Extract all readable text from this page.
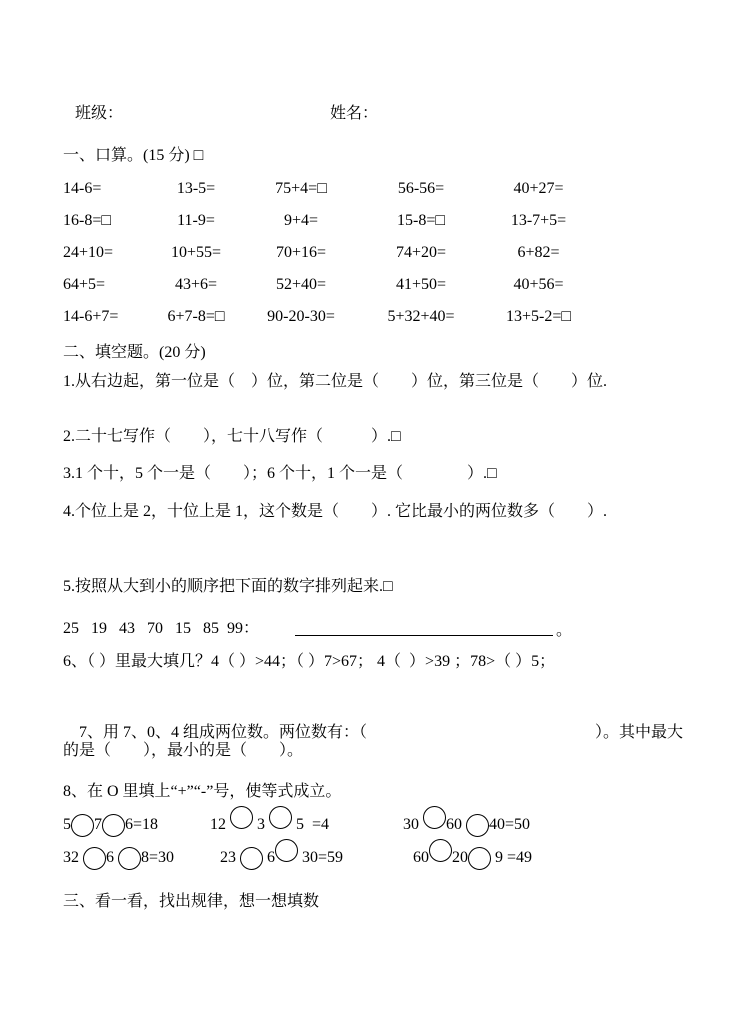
班级：	姓名：
一、口算。(15 分) □
14-6=	13-5=	75+4=□	56-56=	40+27=
16-8=□	11-9=	9+4=	15-8=□	13-7+5=
24+10=	10+55=	70+16=	74+20=	6+82=
64+5=	43+6=	52+40=	41+50=	40+56=
14-6+7=	6+7-8=□	90-20-30=	5+32+40=	13+5-2=□
二、填空题。(20 分)
1.从右边起，第一位是（　）位，第二位是（　　）位，第三位是（　　）位.
2.二十七写作（　　），七十八写作（　　　）.□
3.1 个十，5 个一是（　　）；6 个十，1 个一是（　　　　）.□
4.个位上是 2，十位上是 1，这个数是（　　）. 它比最小的两位数多（　　）.
5.按照从大到小的顺序把下面的数字排列起来.□
25   19   43   70   15   85  99：	。
6、（ ）里最大填几？4（ ）>44；（ ）7>67； 4（  ）>39 ；78>（ ）5；

7、用 7、0、4 组成两位数。两位数有：（	）。其中最大

的是（　　），最小的是（　　）。
8、在 O 里填上“+”“-”号，使等式成立。
5 7 6=18	12 3 5  =4	30 60 40=50
32 6 8=30	23 6 30=59	60 20 9 =49
三、看一看，找出规律，想一想填数
